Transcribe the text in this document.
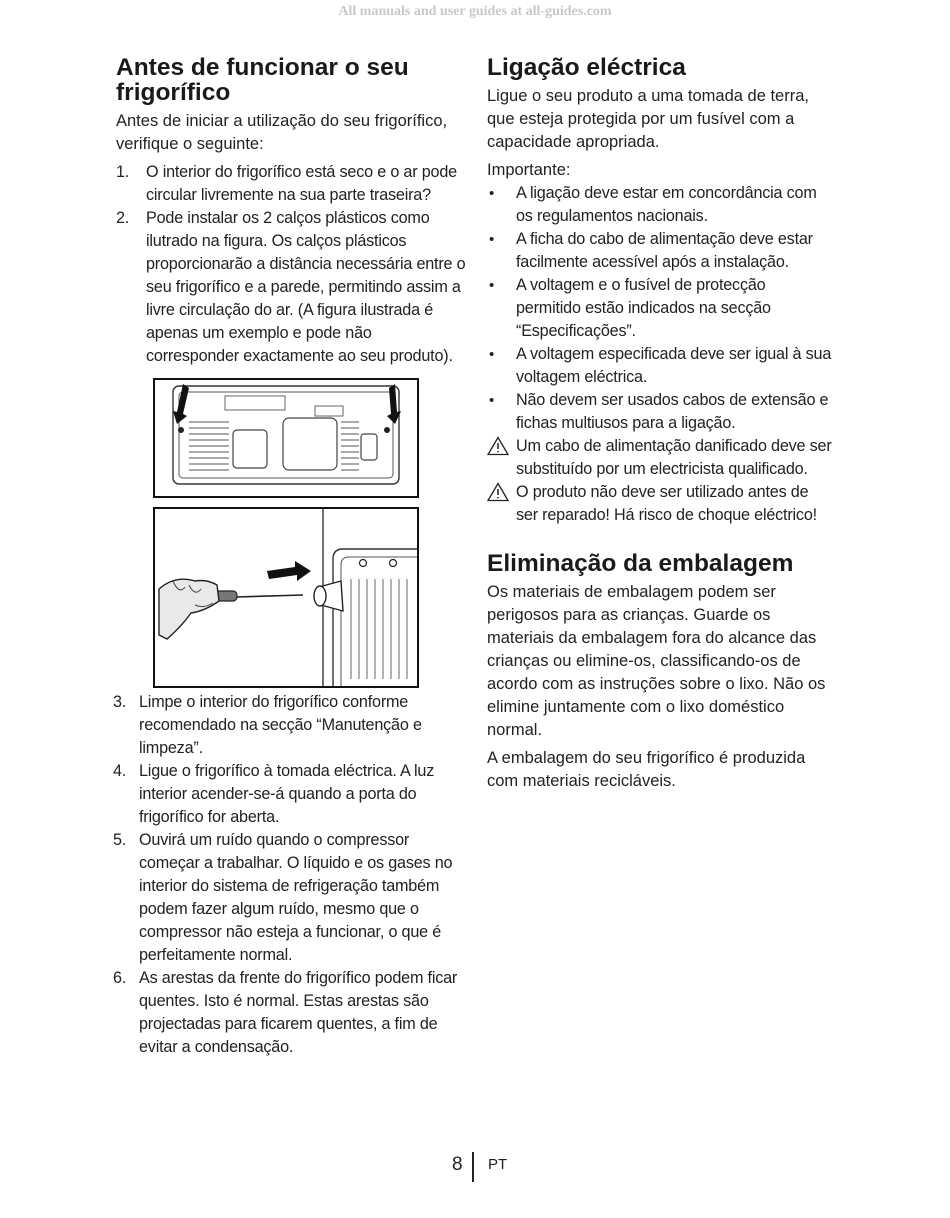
All manuals and user guides at all-guides.com
Antes de funcionar o seu frigorífico

Antes de iniciar a utilização do seu frigorífico, verifique o seguinte:

1. O interior do frigorífico está seco e o ar pode circular livremente na sua parte traseira?
2. Pode instalar os 2 calços plásticos como ilutrado na figura. Os calços plásticos proporcionarão a distância necessária entre o seu frigorífico e a parede, permitindo assim a livre circulação do ar. (A figura ilustrada é apenas um exemplo e pode não corresponder exactamente ao seu produto).
3. Limpe o interior do frigorífico conforme recomendado na secção “Manutenção e limpeza”.
4. Ligue o frigorífico à tomada eléctrica. A luz interior acender-se-á quando a porta do frigorífico for aberta.
5. Ouvirá um ruído quando o compressor começar a trabalhar. O líquido e os gases no interior do sistema de refrigeração também podem fazer algum ruído, mesmo que o compressor não esteja a funcionar, o que é perfeitamente normal.
6. As arestas da frente do frigorífico podem ficar quentes. Isto é normal. Estas arestas são projectadas para ficarem quentes, a fim de evitar a condensação.
Ligação eléctrica

Ligue o seu produto a uma tomada de terra, que esteja protegida por um fusível com a capacidade apropriada.

Importante:

• A ligação deve estar em concordância com os regulamentos nacionais.
• A ficha do cabo de alimentação deve estar facilmente acessível após a instalação.
• A voltagem e o fusível de protecção permitido estão indicados na secção “Especificações”.
• A voltagem especificada deve ser igual à sua voltagem eléctrica.
• Não devem ser usados cabos de extensão e fichas multiusos para a ligação.
Um cabo de alimentação danificado deve ser substituído por um electricista qualificado.
O produto não deve ser utilizado antes de ser reparado! Há risco de choque eléctrico!
Eliminação da embalagem

Os materiais de embalagem podem ser perigosos para as crianças. Guarde os materiais da embalagem fora do alcance das crianças ou elimine-os, classificando-os de acordo com as instruções sobre o lixo. Não os elimine juntamente com o lixo doméstico normal.

A embalagem do seu frigorífico é produzida com materiais recicláveis.

8 PT
